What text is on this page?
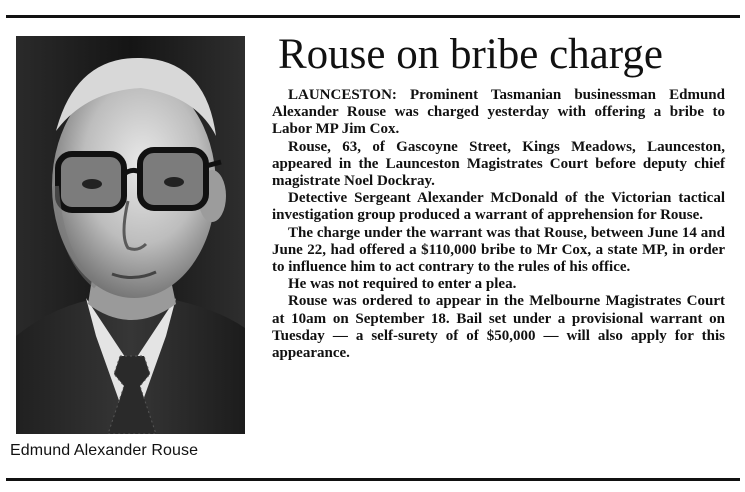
Edmund Alexander Rouse
Rouse on bribe charge

LAUNCESTON: Prominent Tasmanian businessman Edmund Alexander Rouse was charged yesterday with offering a bribe to Labor MP Jim Cox.

Rouse, 63, of Gascoyne Street, Kings Meadows, Launceston, appeared in the Launceston Magistrates Court before deputy chief magistrate Noel Dockray.

Detective Sergeant Alexander McDonald of the Victorian tactical investigation group produced a warrant of apprehension for Rouse.

The charge under the warrant was that Rouse, between June 14 and June 22, had offered a $110,000 bribe to Mr Cox, a state MP, in order to influence him to act contrary to the rules of his office.

He was not required to enter a plea.

Rouse was ordered to appear in the Melbourne Magistrates Court at 10am on September 18. Bail set under a provisional warrant on Tuesday — a self-surety of of $50,000 — will also apply for this appearance.
